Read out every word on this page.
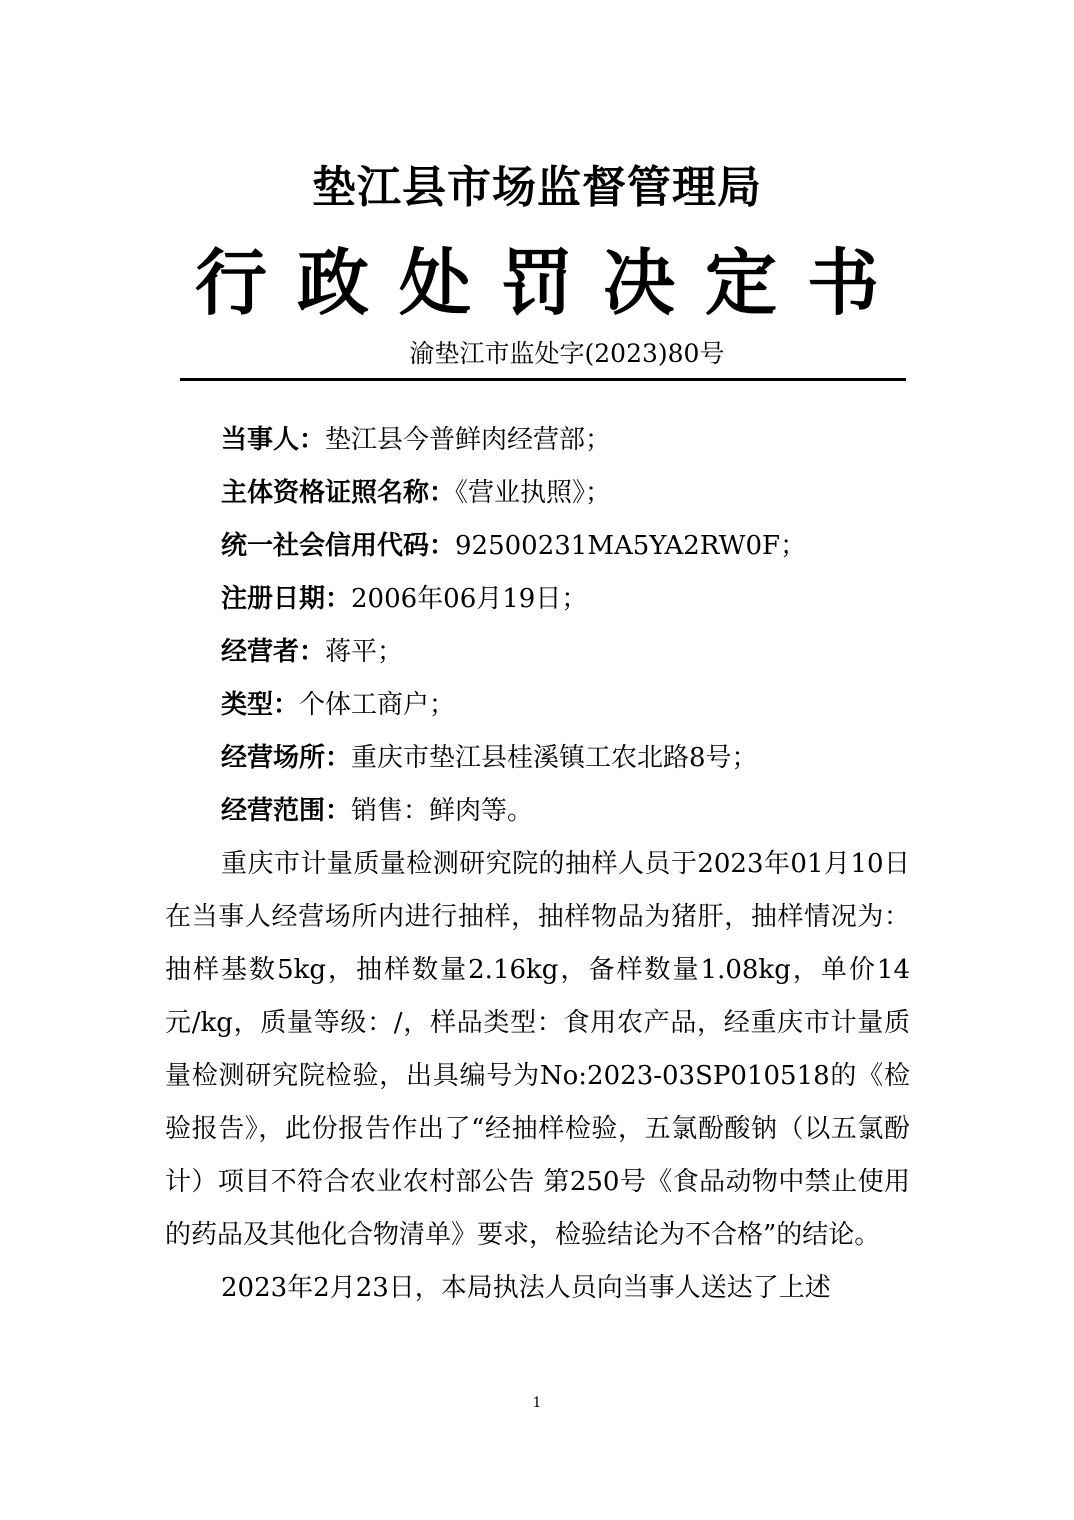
垫江县市场监督管理局
行政处罚决定书
渝垫江市监处字(2023)80号
当事人：垫江县今普鲜肉经营部；
主体资格证照名称：《营业执照》；
统一社会信用代码：92500231MA5YA2RW0F；
注册日期：2006年06月19日；
经营者：蒋平；
类型：个体工商户；
经营场所：重庆市垫江县桂溪镇工农北路8号；
经营范围：销售：鲜肉等。

重庆市计量质量检测研究院的抽样人员于2023年01月10日在当事人经营场所内进行抽样，抽样物品为猪肝，抽样情况为：抽样基数5kg，抽样数量2.16kg，备样数量1.08kg，单价14元/kg，质量等级：/，样品类型：食用农产品，经重庆市计量质量检测研究院检验，出具编号为No:2023-03SP010518的《检验报告》，此份报告作出了“经抽样检验，五氯酚酸钠（以五氯酚计）项目不符合农业农村部公告 第250号《食品动物中禁止使用的药品及其他化合物清单》要求，检验结论为不合格”的结论。

2023年2月23日，本局执法人员向当事人送达了上述

1
